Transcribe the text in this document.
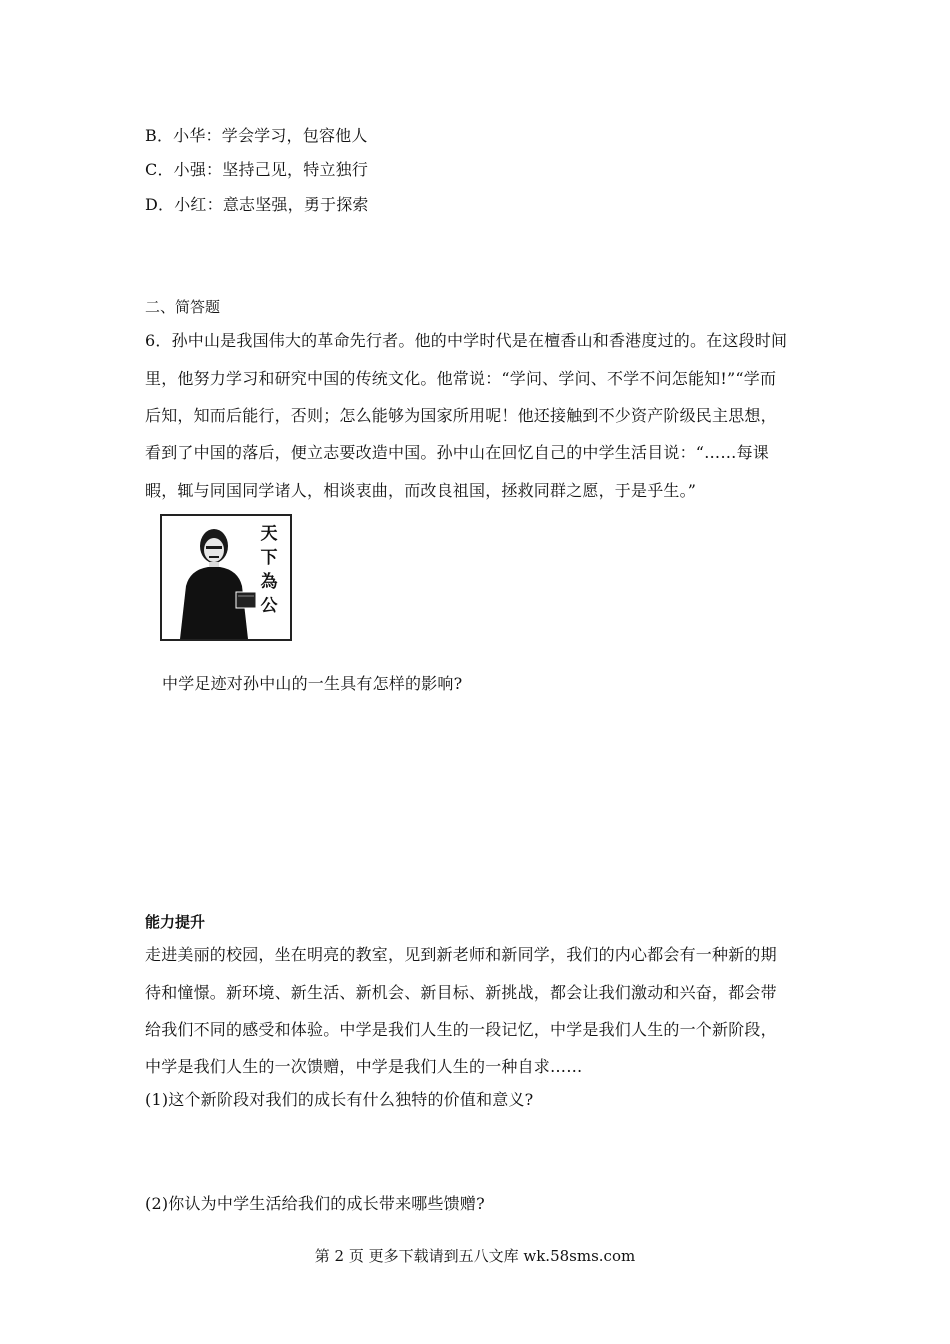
B．小华：学会学习，包容他人
C．小强：坚持己见，特立独行
D．小红：意志坚强，勇于探索
二、简答题
6．孙中山是我国伟大的革命先行者。他的中学时代是在檀香山和香港度过的。在这段时间
里，他努力学习和研究中国的传统文化。他常说：“学问、学问、不学不问怎能知!”“学而
后知，知而后能行，否则；怎么能够为国家所用呢！他还接触到不少资产阶级民主思想，
看到了中国的落后，便立志要改造中国。孙中山在回忆自己的中学生活目说：“……每课
暇，辄与同国同学诸人，相谈衷曲，而改良祖国，拯救同群之愿，于是乎生。”
天
下
為
公
中学足迹对孙中山的一生具有怎样的影响?
能力提升
走进美丽的校园，坐在明亮的教室，见到新老师和新同学，我们的内心都会有一种新的期
待和憧憬。新环境、新生活、新机会、新目标、新挑战，都会让我们激动和兴奋，都会带
给我们不同的感受和体验。中学是我们人生的一段记忆，中学是我们人生的一个新阶段，
中学是我们人生的一次馈赠，中学是我们人生的一种自求……
(1)这个新阶段对我们的成长有什么独特的价值和意义?
(2)你认为中学生活给我们的成长带来哪些馈赠?
第 2 页 更多下载请到五八文库 wk.58sms.com
